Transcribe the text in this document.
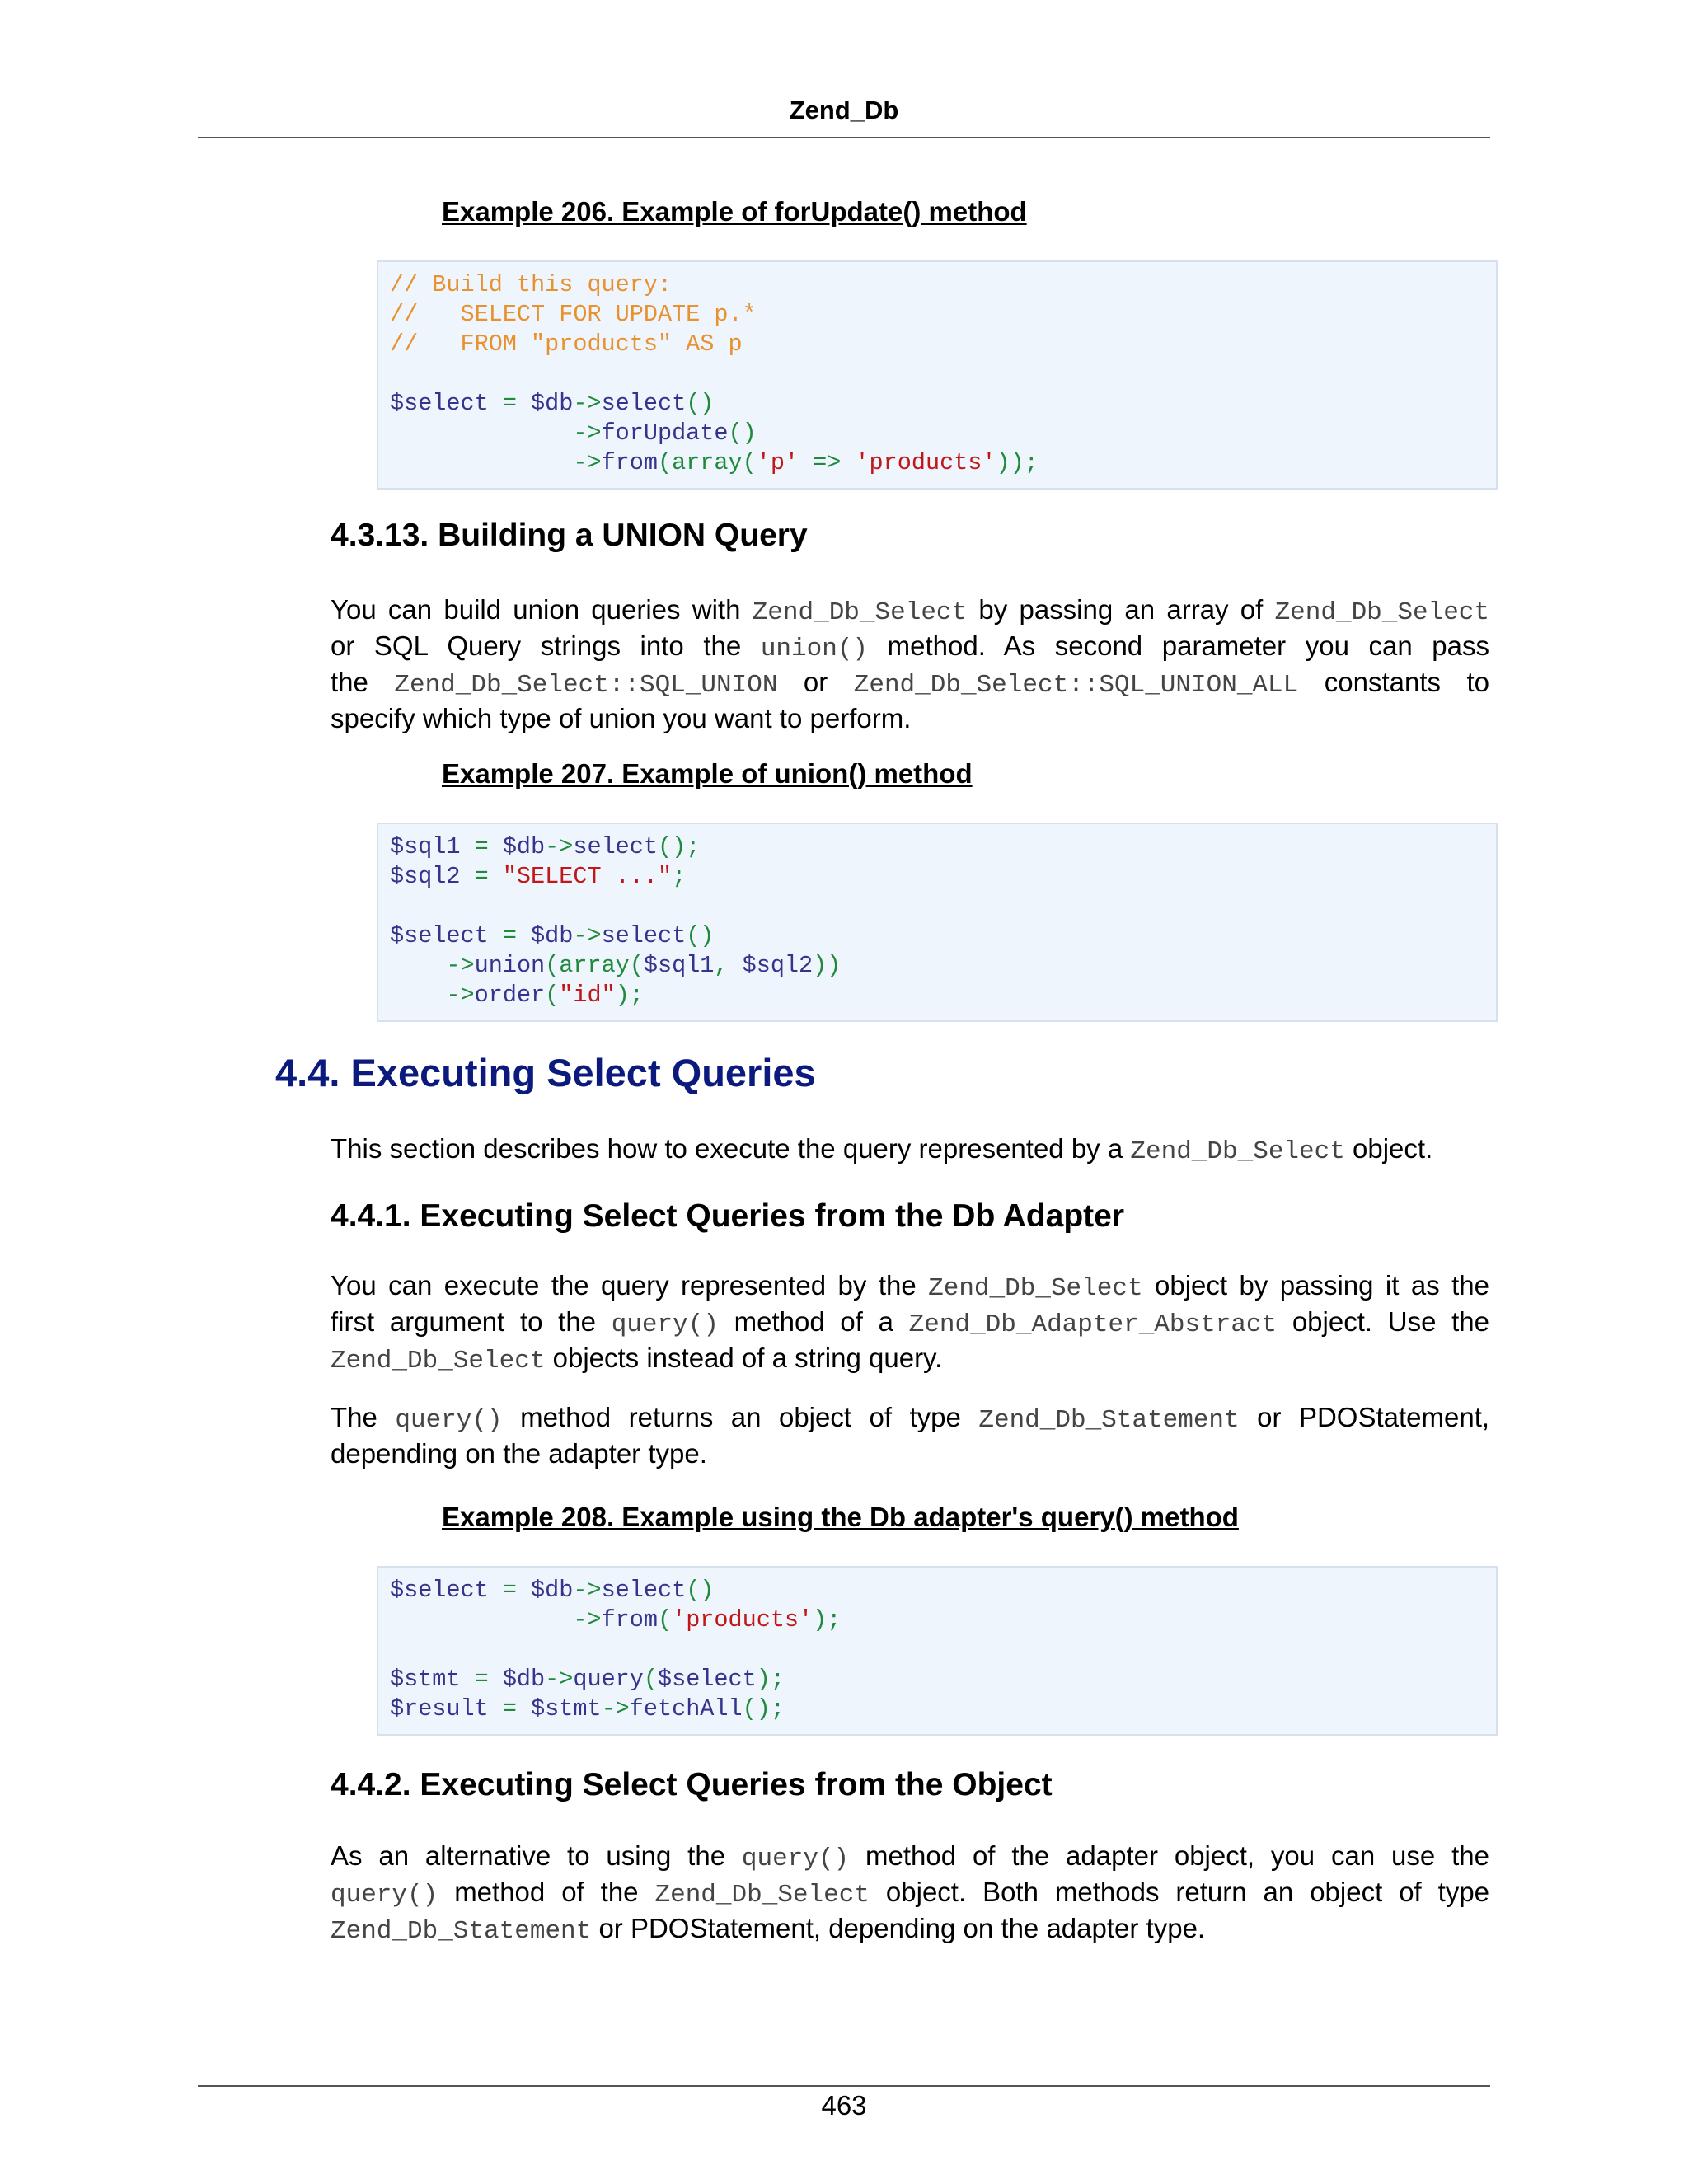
Zend_Db
Example 206. Example of forUpdate() method
// Build this query:
//   SELECT FOR UPDATE p.*
//   FROM "products" AS p

$select = $db->select()
->forUpdate()
->from(array('p' => 'products'));
4.3.13. Building a UNION Query
You can build union queries with Zend_Db_Select by passing an array of Zend_Db_Select
or SQL Query strings into the union() method. As second parameter you can pass
the Zend_Db_Select::SQL_UNION or Zend_Db_Select::SQL_UNION_ALL constants to
specify which type of union you want to perform.
Example 207. Example of union() method
$sql1 = $db->select();
$sql2 = "SELECT ...";

$select = $db->select()
->union(array($sql1, $sql2))
->order("id");
4.4. Executing Select Queries
This section describes how to execute the query represented by a Zend_Db_Select object.
4.4.1. Executing Select Queries from the Db Adapter
You can execute the query represented by the Zend_Db_Select object by passing it as the
first argument to the query() method of a Zend_Db_Adapter_Abstract object. Use the
Zend_Db_Select objects instead of a string query.
The query() method returns an object of type Zend_Db_Statement or PDOStatement,
depending on the adapter type.
Example 208. Example using the Db adapter's query() method
$select = $db->select()
->from('products');

$stmt = $db->query($select);
$result = $stmt->fetchAll();
4.4.2. Executing Select Queries from the Object
As an alternative to using the query() method of the adapter object, you can use the
query() method of the Zend_Db_Select object. Both methods return an object of type
Zend_Db_Statement or PDOStatement, depending on the adapter type.
463
